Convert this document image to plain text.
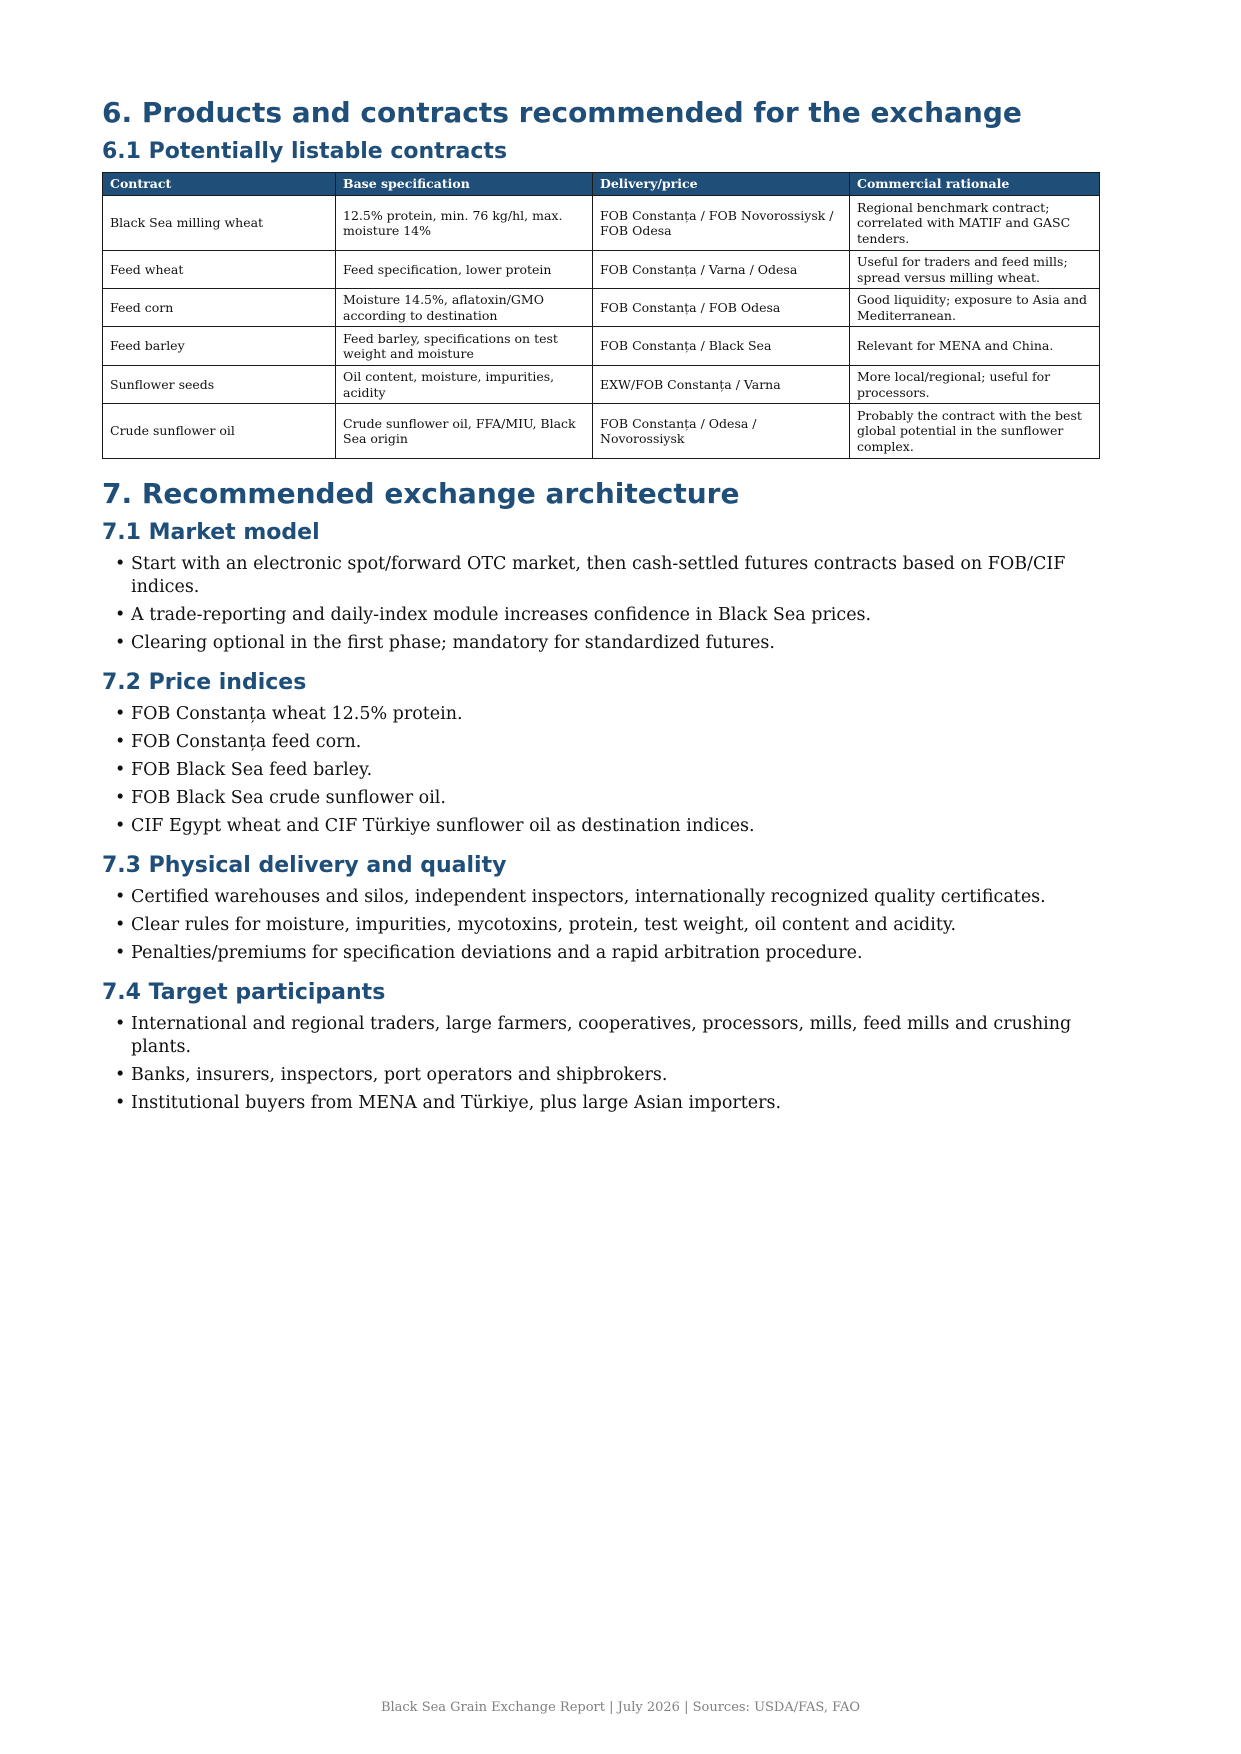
6. Products and contracts recommended for the exchange
6.1 Potentially listable contracts
Contract	Base specification	Delivery/price	Commercial rationale
Black Sea milling wheat	12.5% protein, min. 76 kg/hl, max. moisture 14%	FOB Constanța / FOB Novorossiysk / FOB Odesa	Regional benchmark contract; correlated with MATIF and GASC tenders.
Feed wheat	Feed specification, lower protein	FOB Constanța / Varna / Odesa	Useful for traders and feed mills; spread versus milling wheat.
Feed corn	Moisture 14.5%, aflatoxin/GMO according to destination	FOB Constanța / FOB Odesa	Good liquidity; exposure to Asia and Mediterranean.
Feed barley	Feed barley, specifications on test weight and moisture	FOB Constanța / Black Sea	Relevant for MENA and China.
Sunflower seeds	Oil content, moisture, impurities, acidity	EXW/FOB Constanța / Varna	More local/regional; useful for processors.
Crude sunflower oil	Crude sunflower oil, FFA/MIU, Black Sea origin	FOB Constanța / Odesa / Novorossiysk	Probably the contract with the best global potential in the sunflower complex.
7. Recommended exchange architecture
7.1 Market model
• Start with an electronic spot/forward OTC market, then cash-settled futures contracts based on FOB/CIF indices.
• A trade-reporting and daily-index module increases confidence in Black Sea prices.
• Clearing optional in the first phase; mandatory for standardized futures.
7.2 Price indices
• FOB Constanța wheat 12.5% protein.
• FOB Constanța feed corn.
• FOB Black Sea feed barley.
• FOB Black Sea crude sunflower oil.
• CIF Egypt wheat and CIF Türkiye sunflower oil as destination indices.
7.3 Physical delivery and quality
• Certified warehouses and silos, independent inspectors, internationally recognized quality certificates.
• Clear rules for moisture, impurities, mycotoxins, protein, test weight, oil content and acidity.
• Penalties/premiums for specification deviations and a rapid arbitration procedure.
7.4 Target participants
• International and regional traders, large farmers, cooperatives, processors, mills, feed mills and crushing plants.
• Banks, insurers, inspectors, port operators and shipbrokers.
• Institutional buyers from MENA and Türkiye, plus large Asian importers.
Black Sea Grain Exchange Report | July 2026 | Sources: USDA/FAS, FAO
